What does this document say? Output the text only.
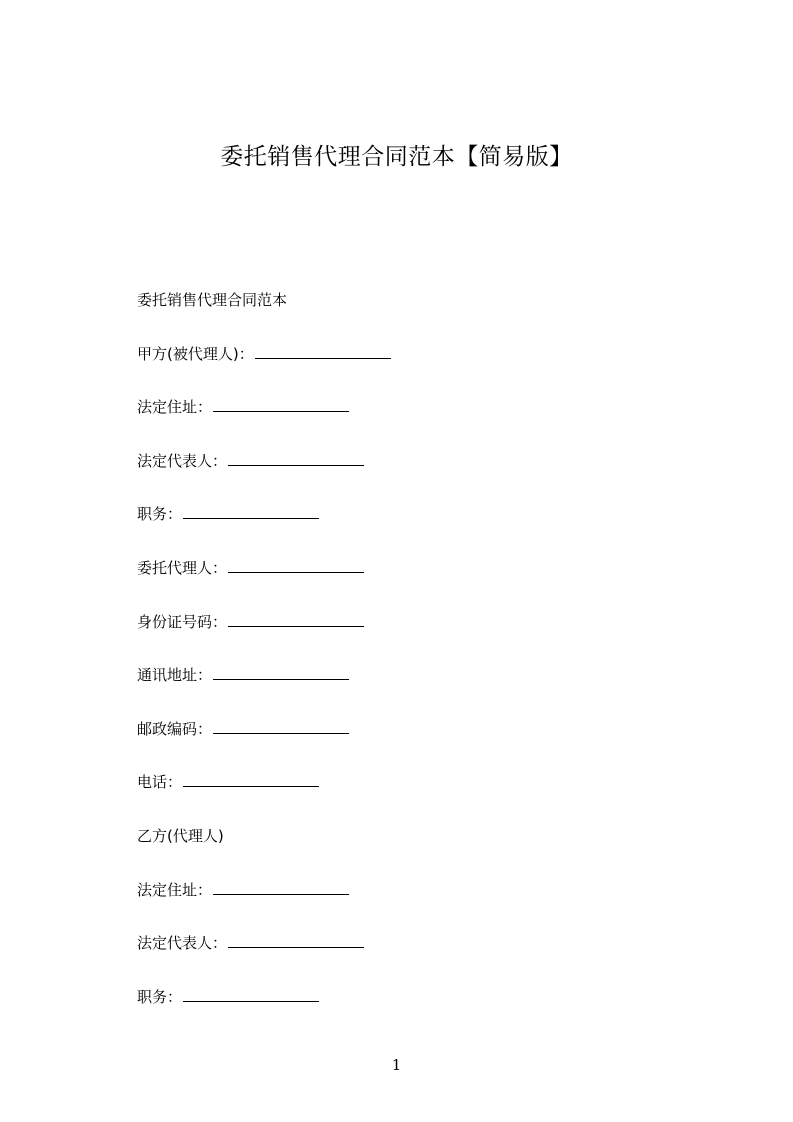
委托销售代理合同范本【简易版】
委托销售代理合同范本
甲方(被代理人)：
法定住址：
法定代表人：
职务：
委托代理人：
身份证号码：
通讯地址：
邮政编码：
电话：
乙方(代理人)
法定住址：
法定代表人：
职务：
1
